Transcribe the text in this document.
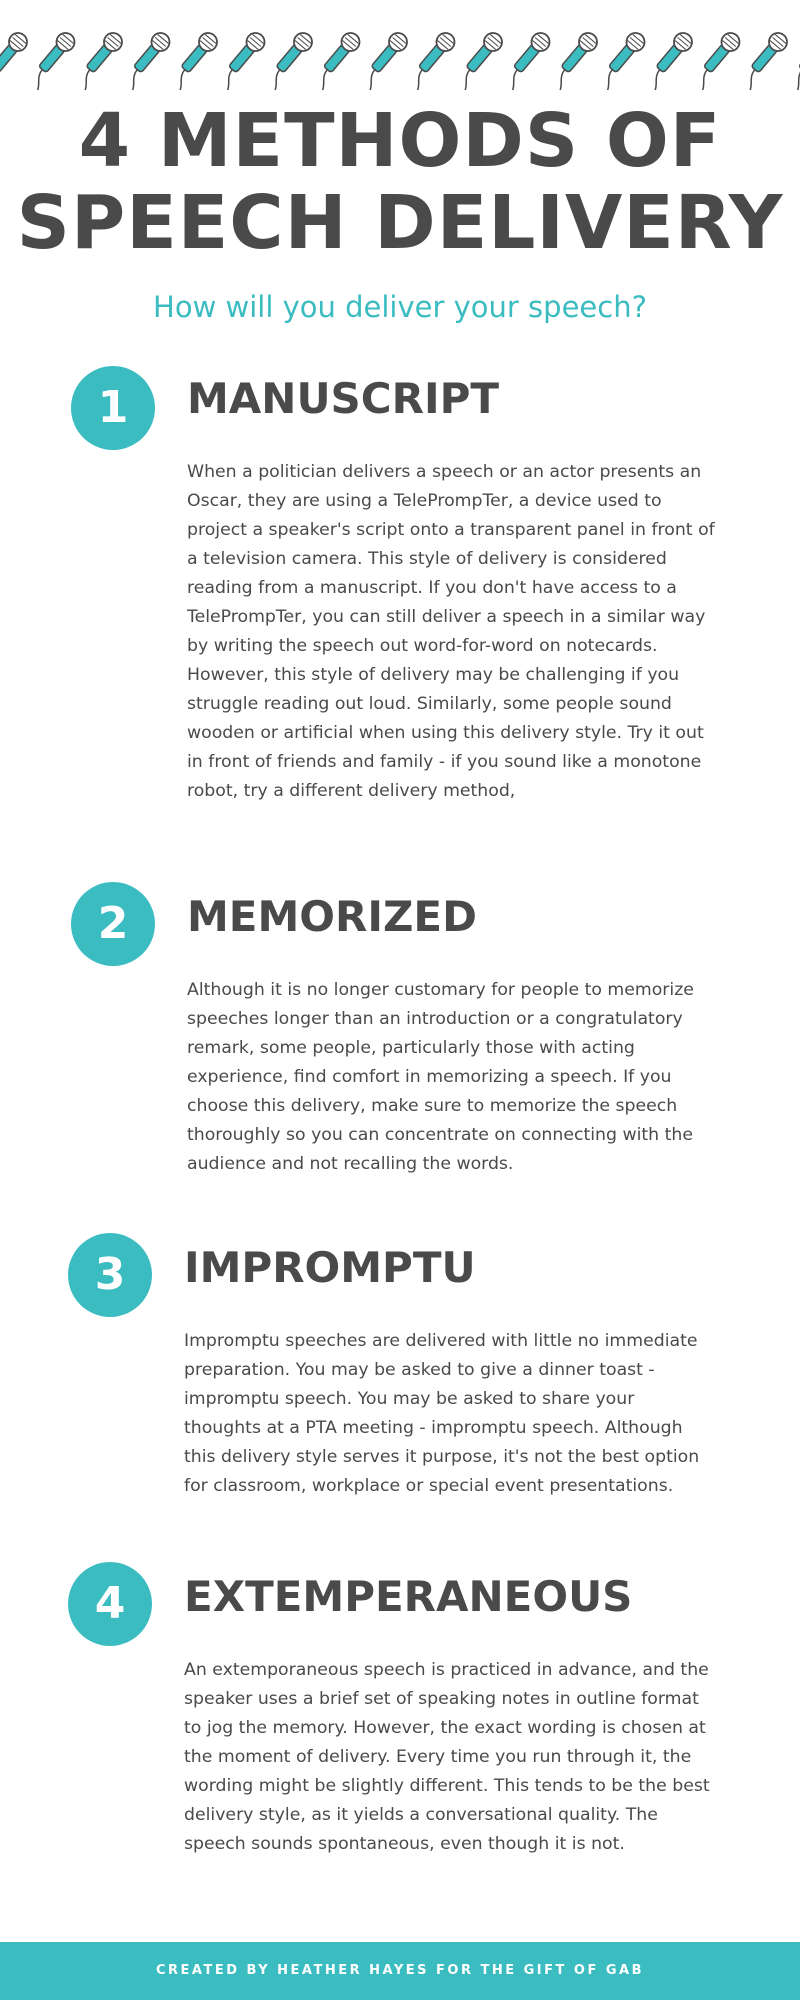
4 METHODS OF SPEECH DELIVERY

How will you deliver your speech?

1	MANUSCRIPT

When a politician delivers a speech or an actor presents an Oscar, they are using a TelePrompTer, a device used to project a speaker's script onto a transparent panel in front of a television camera. This style of delivery is considered reading from a manuscript. If you don't have access to a TelePrompTer, you can still deliver a speech in a similar way by writing the speech out word-for-word on notecards. However, this style of delivery may be challenging if you struggle reading out loud. Similarly, some people sound wooden or artificial when using this delivery style. Try it out in front of friends and family - if you sound like a monotone robot, try a different delivery method,

2	MEMORIZED

Although it is no longer customary for people to memorize speeches longer than an introduction or a congratulatory remark, some people, particularly those with acting experience, find comfort in memorizing a speech. If you choose this delivery, make sure to memorize the speech thoroughly so you can concentrate on connecting with the audience and not recalling the words.

3	IMPROMPTU

Impromptu speeches are delivered with little no immediate preparation. You may be asked to give a dinner toast - impromptu speech. You may be asked to share your thoughts at a PTA meeting - impromptu speech. Although this delivery style serves it purpose, it's not the best option for classroom, workplace or special event presentations.

4	EXTEMPERANEOUS

An extemporaneous speech is practiced in advance, and the speaker uses a brief set of speaking notes in outline format to jog the memory. However, the exact wording is chosen at the moment of delivery. Every time you run through it, the wording might be slightly different. This tends to be the best delivery style, as it yields a conversational quality. The speech sounds spontaneous, even though it is not.

CREATED BY HEATHER HAYES FOR THE GIFT OF GAB
